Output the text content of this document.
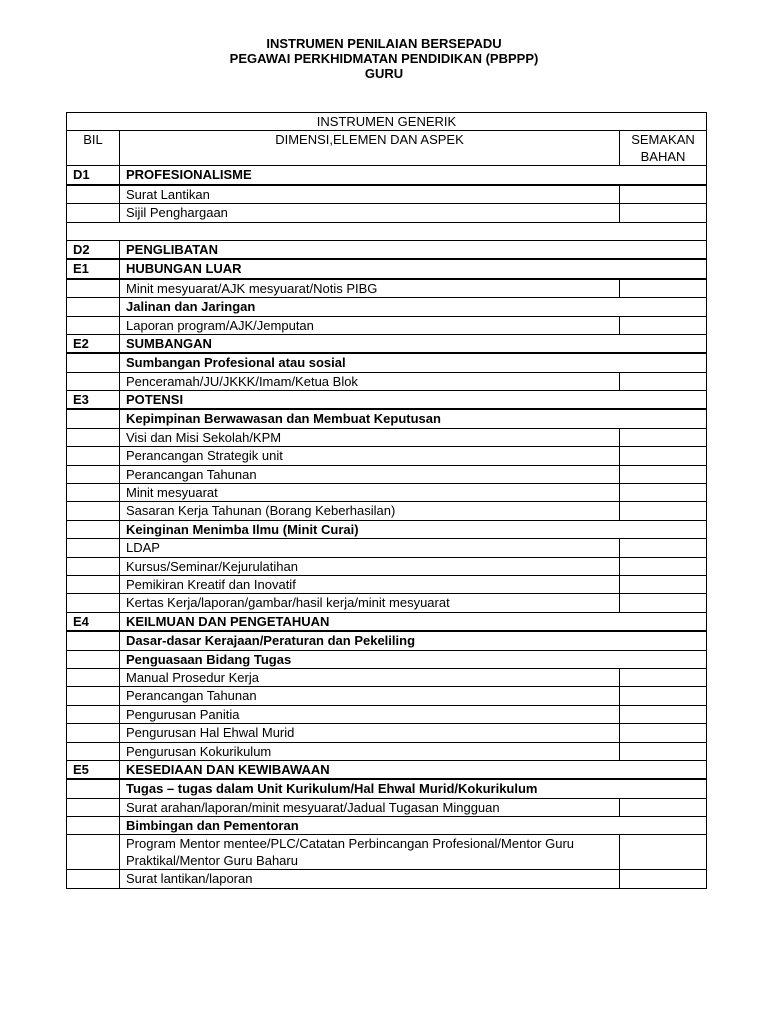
INSTRUMEN PENILAIAN BERSEPADU
PEGAWAI PERKHIDMATAN PENDIDIKAN (PBPPP)
GURU
INSTRUMEN GENERIK		
BIL	DIMENSI,ELEMEN DAN ASPEK	SEMAKAN BAHAN
D1	PROFESIONALISME	
	Surat Lantikan	
	Sijil Penghargaan	

D2	PENGLIBATAN	
E1	HUBUNGAN LUAR	
	Minit mesyuarat/AJK mesyuarat/Notis PIBG	
	Jalinan dan Jaringan	
	Laporan program/AJK/Jemputan	
E2	SUMBANGAN	
	Sumbangan Profesional atau sosial	
	Penceramah/JU/JKKK/Imam/Ketua Blok	
E3	POTENSI	
	Kepimpinan Berwawasan dan Membuat Keputusan	
	Visi dan Misi Sekolah/KPM	
	Perancangan Strategik unit	
	Perancangan Tahunan	
	Minit mesyuarat	
	Sasaran Kerja Tahunan (Borang Keberhasilan)	
	Keinginan Menimba Ilmu (Minit Curai)	
	LDAP	
	Kursus/Seminar/Kejurulatihan	
	Pemikiran Kreatif dan Inovatif	
	Kertas Kerja/laporan/gambar/hasil kerja/minit mesyuarat	
E4	KEILMUAN DAN PENGETAHUAN	
	Dasar-dasar Kerajaan/Peraturan dan Pekeliling	
	Penguasaan Bidang Tugas	
	Manual Prosedur Kerja	
	Perancangan Tahunan	
	Pengurusan Panitia	
	Pengurusan Hal Ehwal Murid	
	Pengurusan Kokurikulum	
E5	KESEDIAAN DAN KEWIBAWAAN	
	Tugas – tugas dalam Unit Kurikulum/Hal Ehwal Murid/Kokurikulum	
	Surat arahan/laporan/minit mesyuarat/Jadual Tugasan Mingguan	
	Bimbingan dan Pementoran	
	Program Mentor mentee/PLC/Catatan Perbincangan Profesional/Mentor Guru Praktikal/Mentor Guru Baharu	
	Surat lantikan/laporan	
